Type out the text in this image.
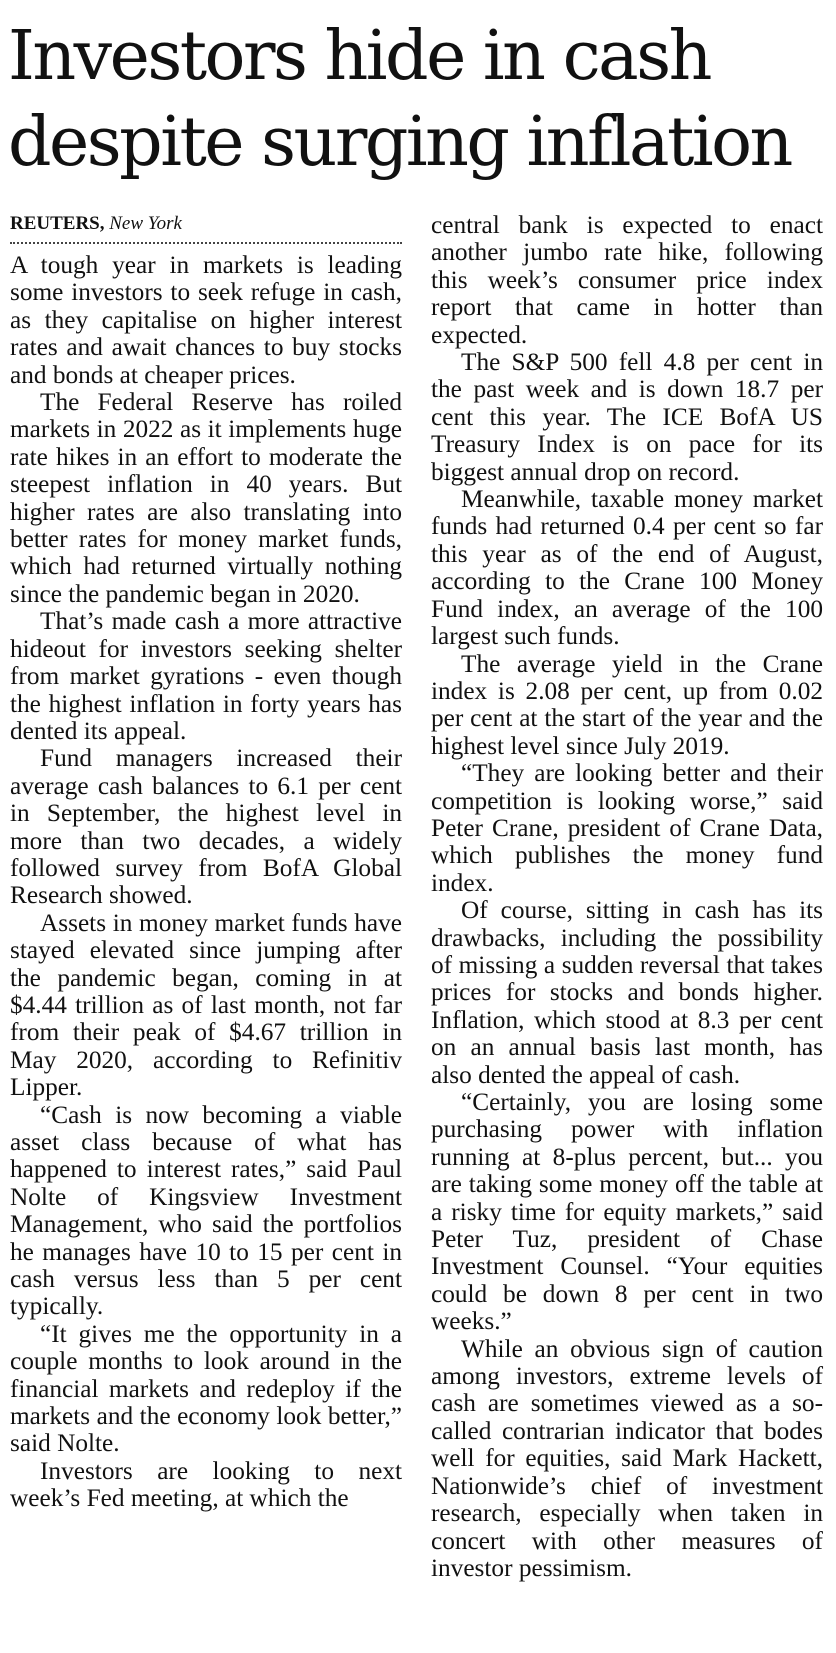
Investors hide in cash despite surging inflation
REUTERS, New York

A tough year in markets is leading some investors to seek refuge in cash, as they capitalise on higher interest rates and await chances to buy stocks and bonds at cheaper prices.

The Federal Reserve has roiled markets in 2022 as it implements huge rate hikes in an effort to moderate the steepest inflation in 40 years. But higher rates are also translating into better rates for money market funds, which had returned virtually nothing since the pandemic began in 2020.

That’s made cash a more attractive hideout for investors seeking shelter from market gyrations - even though the highest inflation in forty years has dented its appeal.

Fund managers increased their average cash balances to 6.1 per cent in September, the highest level in more than two decades, a widely followed survey from BofA Global Research showed.

Assets in money market funds have stayed elevated since jumping after the pandemic began, coming in at $4.44 trillion as of last month, not far from their peak of $4.67 trillion in May 2020, according to Refinitiv Lipper.

“Cash is now becoming a viable asset class because of what has happened to interest rates,” said Paul Nolte of Kingsview Investment Management, who said the portfolios he manages have 10 to 15 per cent in cash versus less than 5 per cent typically.

“It gives me the opportunity in a couple months to look around in the financial markets and redeploy if the markets and the economy look better,” said Nolte.

Investors are looking to next week’s Fed meeting, at which the

central bank is expected to enact another jumbo rate hike, following this week’s consumer price index report that came in hotter than expected.

The S&P 500 fell 4.8 per cent in the past week and is down 18.7 per cent this year. The ICE BofA US Treasury Index is on pace for its biggest annual drop on record.

Meanwhile, taxable money market funds had returned 0.4 per cent so far this year as of the end of August, according to the Crane 100 Money Fund index, an average of the 100 largest such funds.

The average yield in the Crane index is 2.08 per cent, up from 0.02 per cent at the start of the year and the highest level since July 2019.

“They are looking better and their competition is looking worse,” said Peter Crane, president of Crane Data, which publishes the money fund index.

Of course, sitting in cash has its drawbacks, including the possibility of missing a sudden reversal that takes prices for stocks and bonds higher. Inflation, which stood at 8.3 per cent on an annual basis last month, has also dented the appeal of cash.

“Certainly, you are losing some purchasing power with inflation running at 8-plus percent, but... you are taking some money off the table at a risky time for equity markets,” said Peter Tuz, president of Chase Investment Counsel. “Your equities could be down 8 per cent in two weeks.”

While an obvious sign of caution among investors, extreme levels of cash are sometimes viewed as a so-called contrarian indicator that bodes well for equities, said Mark Hackett, Nationwide’s chief of investment research, especially when taken in concert with other measures of investor pessimism.
